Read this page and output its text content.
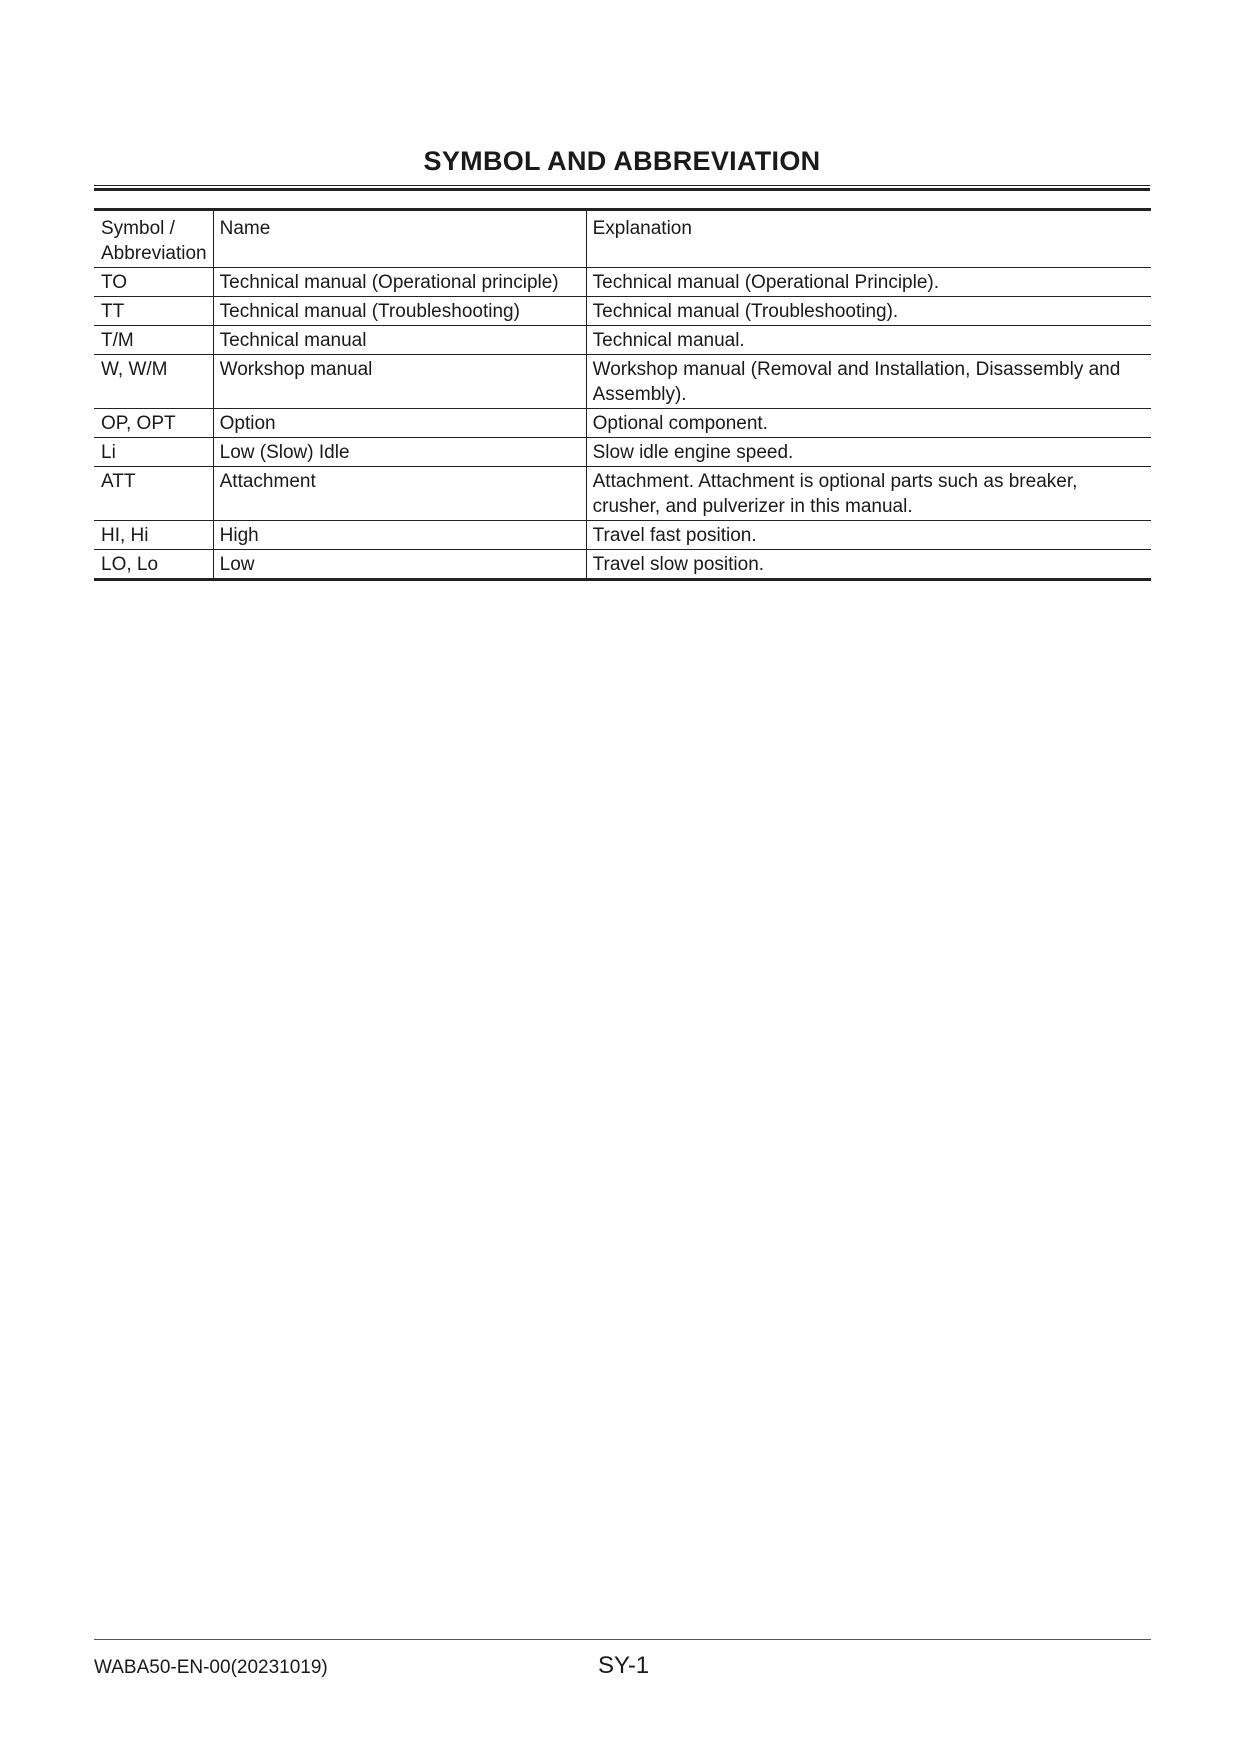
SYMBOL AND ABBREVIATION
Symbol /
Abbreviation	Name	Explanation
TO	Technical manual (Operational principle)	Technical manual (Operational Principle).
TT	Technical manual (Troubleshooting)	Technical manual (Troubleshooting).
T/M	Technical manual	Technical manual.
W, W/M	Workshop manual	Workshop manual (Removal and Installation, Disassembly and Assembly).
OP, OPT	Option	Optional component.
Li	Low (Slow) Idle	Slow idle engine speed.
ATT	Attachment	Attachment. Attachment is optional parts such as breaker, crusher, and pulverizer in this manual.
HI, Hi	High	Travel fast position.
LO, Lo	Low	Travel slow position.
WABA50-EN-00(20231019)	SY-1
